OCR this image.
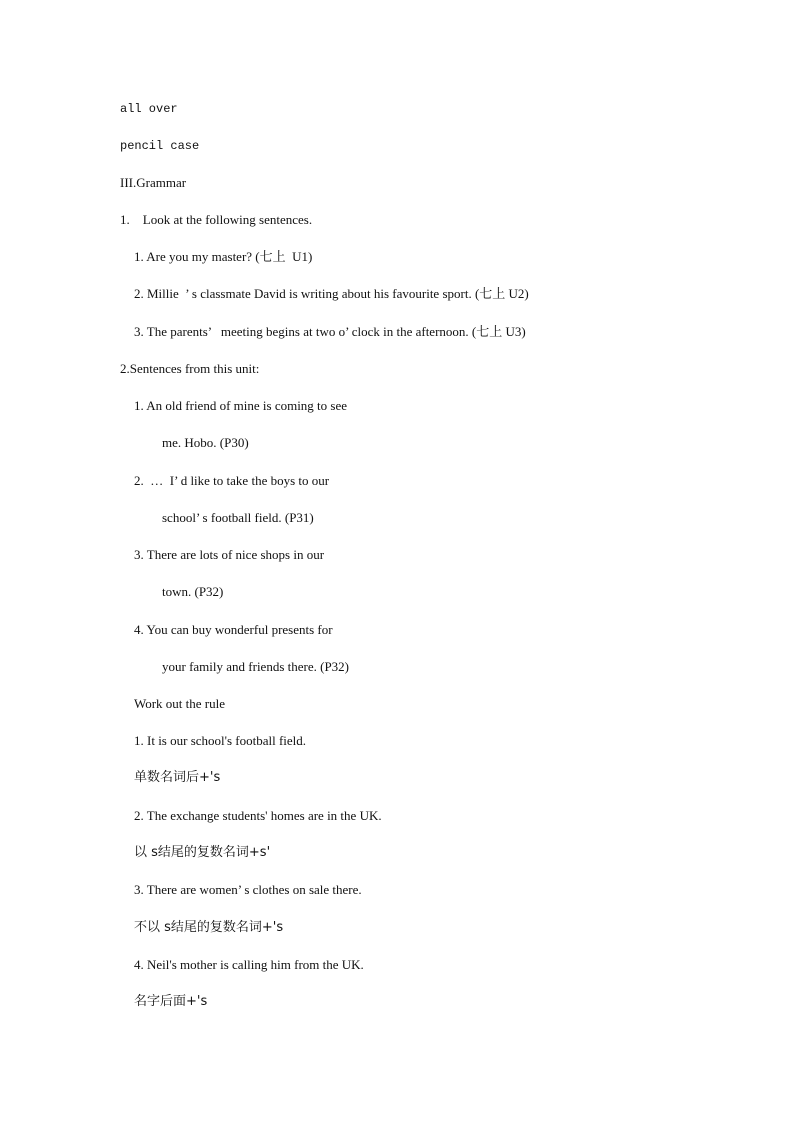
all over
pencil case
III.Grammar
1.    Look at the following sentences.
1. Are you my master? (七上  U1)
2. Millie  ’ s classmate David is writing about his favourite sport. (七上 U2)
3. The parents’   meeting begins at two o’ clock in the afternoon. (七上 U3)
2.Sentences from this unit:
1. An old friend of mine is coming to see
me. Hobo. (P30)
2.  …  I’ d like to take the boys to our
school’ s football field. (P31)
3. There are lots of nice shops in our
town. (P32)
4. You can buy wonderful presents for
your family and friends there. (P32)
Work out the rule
1. It is our school's football field.
单数名词后+'s
2. The exchange students' homes are in the UK.
以 s结尾的复数名词+s'
3. There are women’ s clothes on sale there.
不以 s结尾的复数名词+'s
4. Neil's mother is calling him from the UK.
名字后面+'s
